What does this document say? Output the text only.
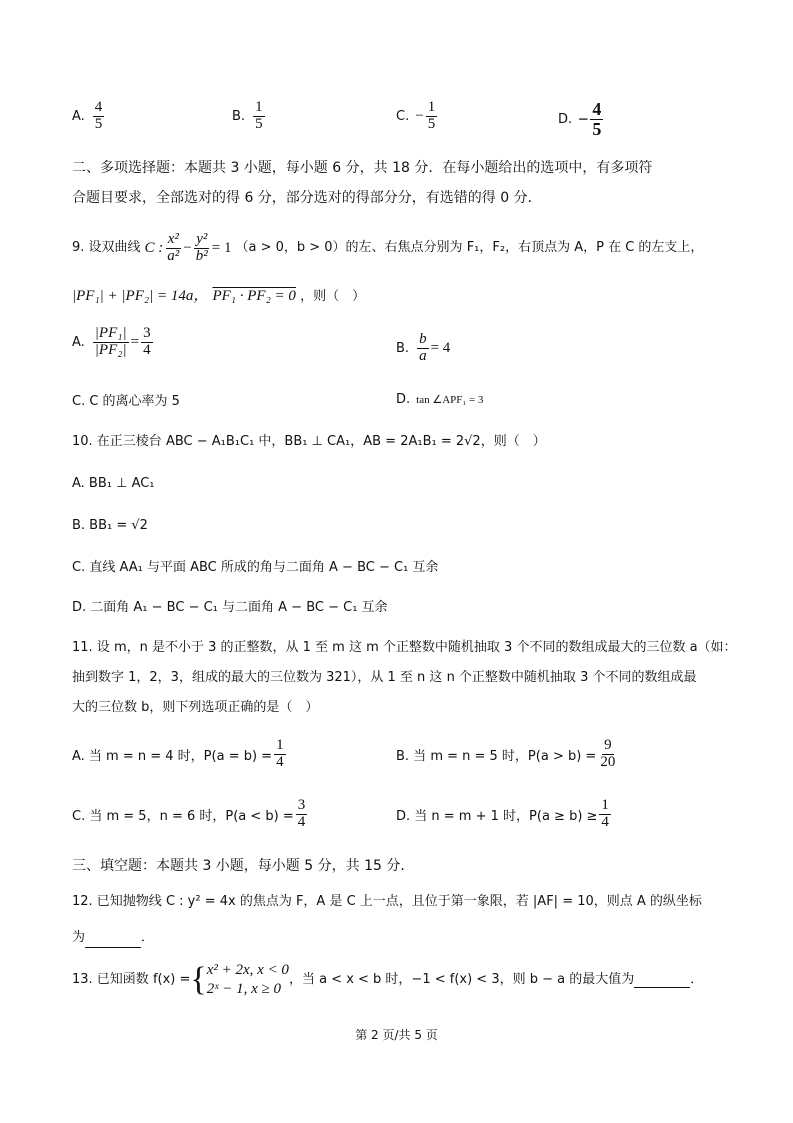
A. $\frac{4}{5}$	B. $\frac{1}{5}$	C. − $\frac{1}{5}$	D. − $\frac{4}{5}$
二、多项选择题：本题共 3 小题，每小题 6 分，共 18 分．在每小题给出的选项中，有多项符
合题目要求，全部选对的得 6 分，部分选对的得部分分，有选错的得 0 分．
9. 设双曲线 C : $\frac{\text{x²}}{\text{a²}} - \frac{\text{y²}}{\text{b²}} = 1$ （a > 0，b > 0）的左、右焦点分别为 F₁，F₂，右顶点为 A，P 在 C 的左支上，
|PF₁| + |PF₂| = 14a， PF₁ · PF₂ = 0 ，则（　）
A. $\frac{\text{|PF₁|}}{\text{|PF₂|}} = \frac{3}{4}$	B. $\frac{b}{a} = 4$
C. C 的离心率为 5	D. tan ∠APF₁ = 3
10. 在正三棱台 ABC − A₁B₁C₁ 中，BB₁ ⊥ CA₁，AB = 2A₁B₁ = 2√2，则（　）
A. BB₁ ⊥ AC₁
B. BB₁ = √2
C. 直线 AA₁ 与平面 ABC 所成的角与二面角 A − BC − C₁ 互余
D. 二面角 A₁ − BC − C₁ 与二面角 A − BC − C₁ 互余
11. 设 m，n 是不小于 3 的正整数，从 1 至 m 这 m 个正整数中随机抽取 3 个不同的数组成最大的三位数 a（如：
抽到数字 1，2，3，组成的最大的三位数为 321），从 1 至 n 这 n 个正整数中随机抽取 3 个不同的数组成最
大的三位数 b，则下列选项正确的是（　）
A. 当 m = n = 4 时，$P(a = b) = \frac{1}{4}$	B. 当 m = n = 5 时，$P(a > b) = \frac{9}{20}$
C. 当 m = 5，n = 6 时，$P(a < b) = \frac{3}{4}$	D. 当 n = m + 1 时，$P(a \ge b) \ge \frac{1}{4}$
三、填空题：本题共 3 小题，每小题 5 分，共 15 分．
12. 已知抛物线 C : y² = 4x 的焦点为 F，A 是 C 上一点，且位于第一象限，若 |AF| = 10，则点 A 的纵坐标
为	．
13. 已知函数 f(x) = { x² + 2x, x < 0
2ˣ − 1, x ≥ 0
，当 a < x < b 时，−1 < f(x) < 3，则 b − a 的最大值为	．
第 2 页/共 5 页
